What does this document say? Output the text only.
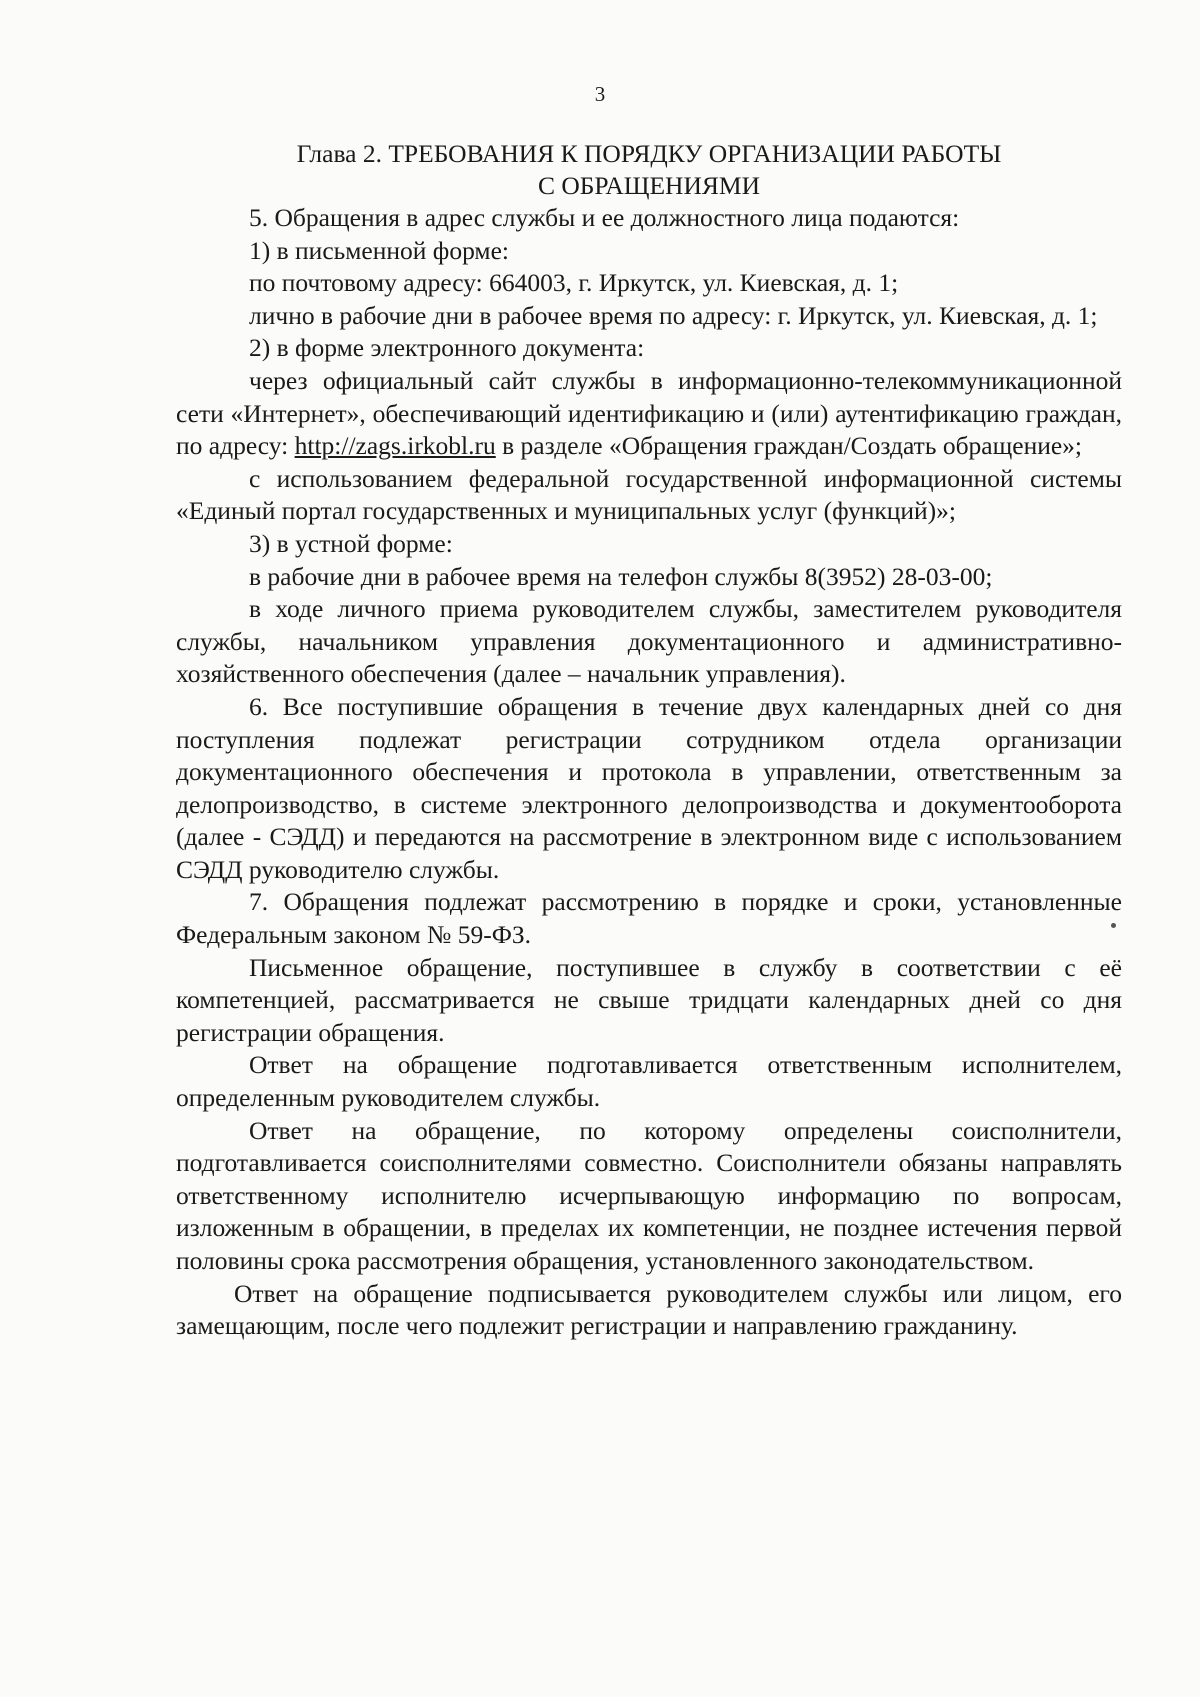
3
Глава 2. ТРЕБОВАНИЯ К ПОРЯДКУ ОРГАНИЗАЦИИ РАБОТЫ
С ОБРАЩЕНИЯМИ

5. Обращения в адрес службы и ее должностного лица подаются:

1) в письменной форме:

по почтовому адресу: 664003, г. Иркутск, ул. Киевская, д. 1;

лично в рабочие дни в рабочее время по адресу: г. Иркутск, ул. Киевская, д. 1;

2) в форме электронного документа:

через официальный сайт службы в информационно-телекоммуникационной сети «Интернет», обеспечивающий идентификацию и (или) аутентификацию граждан, по адресу: http://zags.irkobl.ru в разделе «Обращения граждан/Создать обращение»;

с использованием федеральной государственной информационной системы «Единый портал государственных и муниципальных услуг (функций)»;

3) в устной форме:

в рабочие дни в рабочее время на телефон службы 8(3952) 28-03-00;

в ходе личного приема руководителем службы, заместителем руководителя службы, начальником управления документационного и административно-хозяйственного обеспечения (далее – начальник управления).

6. Все поступившие обращения в течение двух календарных дней со дня поступления подлежат регистрации сотрудником отдела организации документационного обеспечения и протокола в управлении, ответственным за делопроизводство, в системе электронного делопроизводства и документооборота (далее - СЭДД) и передаются на рассмотрение в электронном виде с использованием СЭДД руководителю службы.

7. Обращения подлежат рассмотрению в порядке и сроки, установленные Федеральным законом № 59-ФЗ.

Письменное обращение, поступившее в службу в соответствии с её компетенцией, рассматривается не свыше тридцати календарных дней со дня регистрации обращения.

Ответ на обращение подготавливается ответственным исполнителем, определенным руководителем службы.

Ответ на обращение, по которому определены соисполнители, подготавливается соисполнителями совместно. Соисполнители обязаны направлять ответственному исполнителю исчерпывающую информацию по вопросам, изложенным в обращении, в пределах их компетенции, не позднее истечения первой половины срока рассмотрения обращения, установленного законодательством.

Ответ на обращение подписывается руководителем службы или лицом, его замещающим, после чего подлежит регистрации и направлению гражданину.
